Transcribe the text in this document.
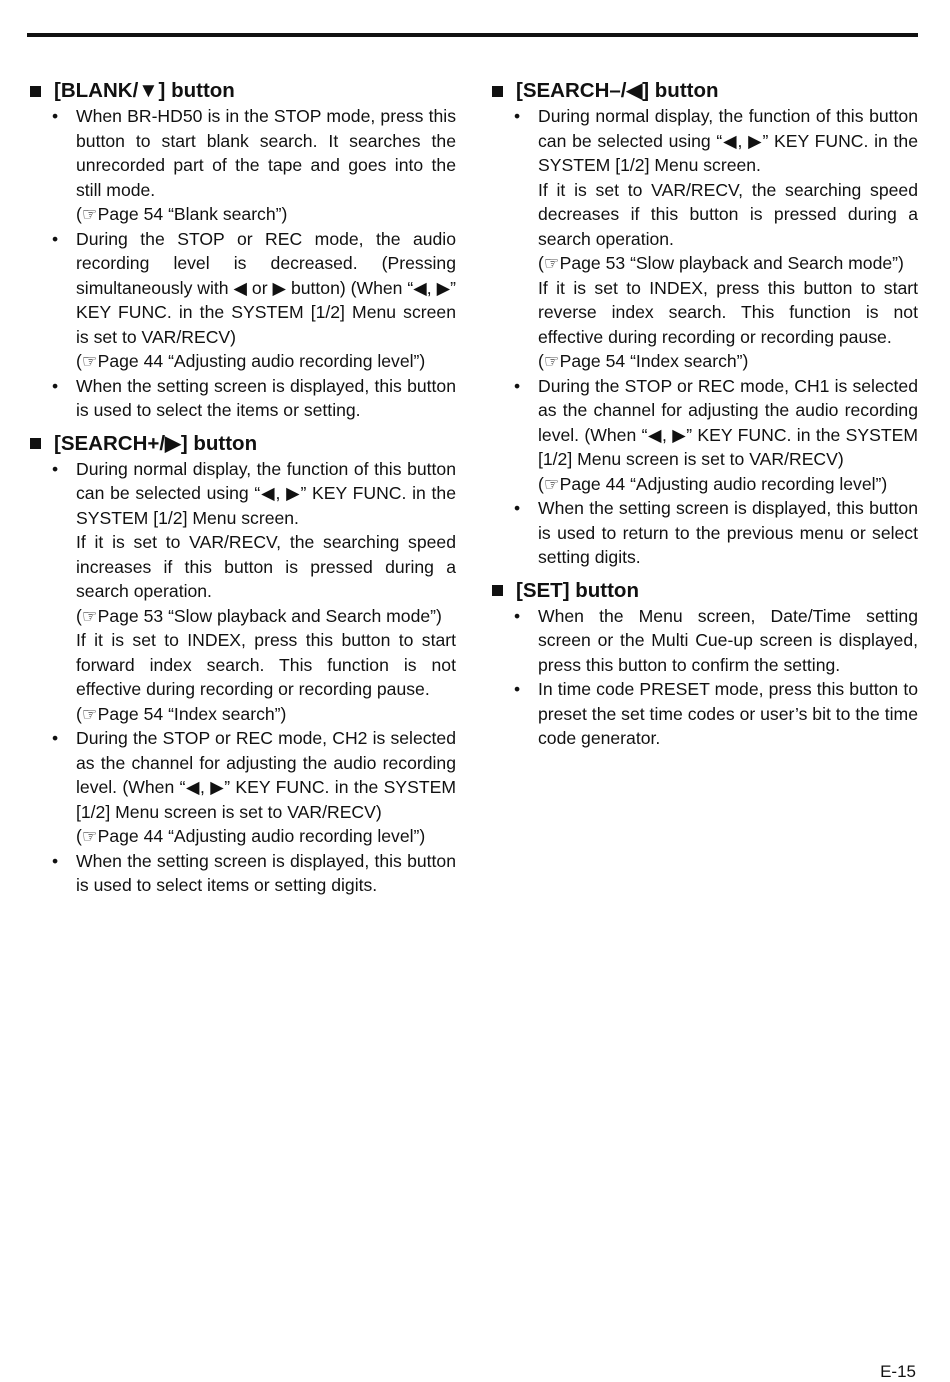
[BLANK/▼] button

• When BR-HD50 is in the STOP mode, press this button to start blank search. It searches the unrecorded part of the tape and goes into the still mode.

(☞Page 54 “Blank search”)

• During the STOP or REC mode, the audio recording level is decreased. (Pressing simultaneously with ◀ or ▶ button) (When “◀, ▶” KEY FUNC. in the SYSTEM [1/2] Menu screen is set to VAR/RECV)

(☞Page 44 “Adjusting audio recording level”)

• When the setting screen is displayed, this button is used to select the items or setting.

[SEARCH+/▶] button

• During normal display, the function of this button can be selected using “◀, ▶” KEY FUNC. in the SYSTEM [1/2] Menu screen.

If it is set to VAR/RECV, the searching speed increases if this button is pressed during a search operation.

(☞Page 53 “Slow playback and Search mode”)

If it is set to INDEX, press this button to start forward index search. This function is not effective during recording or recording pause.

(☞Page 54 “Index search”)

• During the STOP or REC mode, CH2 is selected as the channel for adjusting the audio recording level. (When “◀, ▶” KEY FUNC. in the SYSTEM [1/2] Menu screen is set to VAR/RECV)

(☞Page 44 “Adjusting audio recording level”)

• When the setting screen is displayed, this button is used to select items or setting digits.

[SEARCH–/◀] button

• During normal display, the function of this button can be selected using “◀, ▶” KEY FUNC. in the SYSTEM [1/2] Menu screen.

If it is set to VAR/RECV, the searching speed decreases if this button is pressed during a search operation.

(☞Page 53 “Slow playback and Search mode”)

If it is set to INDEX, press this button to start reverse index search. This function is not effective during recording or recording pause.

(☞Page 54 “Index search”)

• During the STOP or REC mode, CH1 is selected as the channel for adjusting the audio recording level. (When “◀, ▶” KEY FUNC. in the SYSTEM [1/2] Menu screen is set to VAR/RECV)

(☞Page 44 “Adjusting audio recording level”)

• When the setting screen is displayed, this button is used to return to the previous menu or select setting digits.

[SET] button

• When the Menu screen, Date/Time setting screen or the Multi Cue-up screen is displayed, press this button to confirm the setting.

• In time code PRESET mode, press this button to preset the set time codes or user’s bit to the time code generator.

E-15
